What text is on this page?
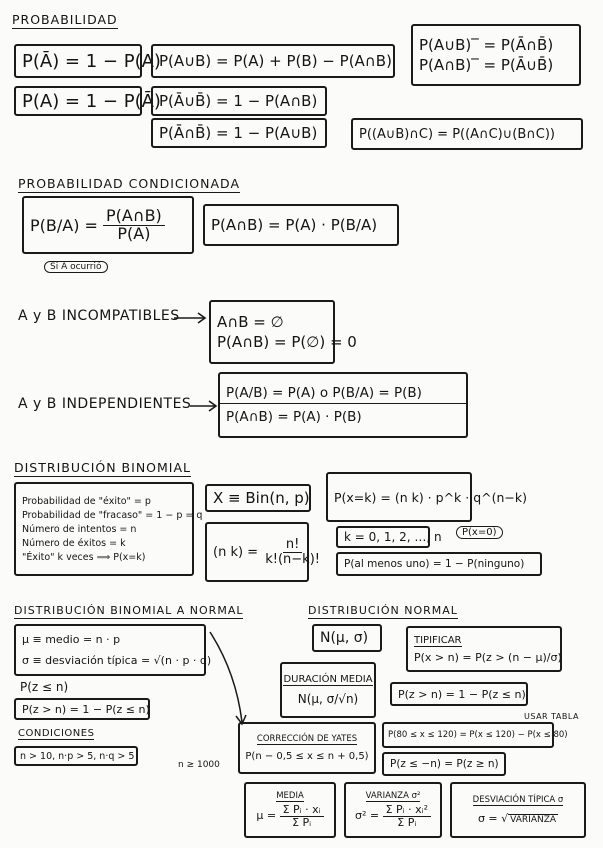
PROBABILIDAD
P(Ā) = 1 − P(A)
P(A∪B) = P(A) + P(B) − P(A∩B)
P(A∪B)‾ = P(Ā∩B̄)
P(A∩B)‾ = P(Ā∪B̄)
P(A) = 1 − P(Ā)
P(Ā∪B̄) = 1 − P(A∩B)
P(Ā∩B̄) = 1 − P(A∪B)	P((A∪B)∩C) = P((A∩C)∪(B∩C))
PROBABILIDAD CONDICIONADA
P(B/A) =
$\frac{P(A\cap B)}{P(A)}$
Si A ocurrió
P(A∩B) = P(A) · P(B/A)
A y B INCOMPATIBLES A∩B = ∅
P(A∩B) = P(∅) = 0
A y B INDEPENDIENTES
P(A/B) = P(A) o P(B/A) = P(B)
P(A∩B) = P(A) · P(B)
DISTRIBUCIÓN BINOMIAL
Probabilidad de "éxito" = p
Probabilidad de "fracaso" = 1 − p = q
Número de intentos = n
Número de éxitos = k
"Éxito" k veces ⟹ P(x=k)
X ≡ Bin(n, p) P(x=k) = (n k) · p^k · q^(n−k)
(n k) =
$\frac{n!}{k!(n-k)!}$
k = 0, 1, 2, …, n	P(x=0)
P(al menos uno) = 1 − P(ninguno)
DISTRIBUCIÓN BINOMIAL A NORMAL
μ ≡ medio = n · p
σ ≡ desviación típica = √(n · p · q)
P(z ≤ n)
P(z > n) = 1 − P(z ≤ n)
CONDICIONES
n > 10, n·p > 5, n·q > 5
n ≥ 1000
DISTRIBUCIÓN NORMAL
N(μ, σ)	TIPIFICAR
P(x > n) = P(z > (n − μ)/σ)
DURACIÓN MEDIA
N(μ, σ/√n)	P(z > n) = 1 − P(z ≤ n)
USAR TABLA
CORRECCIÓN DE YATES
P(n − 0,5 ≤ x ≤ n + 0,5)
P(80 ≤ x ≤ 120) = P(x ≤ 120) − P(x ≤ 80)
P(z ≤ −n) = P(z ≥ n)
MEDIA
$\mu = \frac{\text{Σ Pᵢ · xᵢ}}{\text{Σ Pᵢ}}$
VARIANZA σ²
$\sigma^2 = \frac{\text{Σ Pᵢ · xᵢ²}}{\text{Σ Pᵢ}}$
DESVIACIÓN TÍPICA σ
σ = √ VARIANZA
